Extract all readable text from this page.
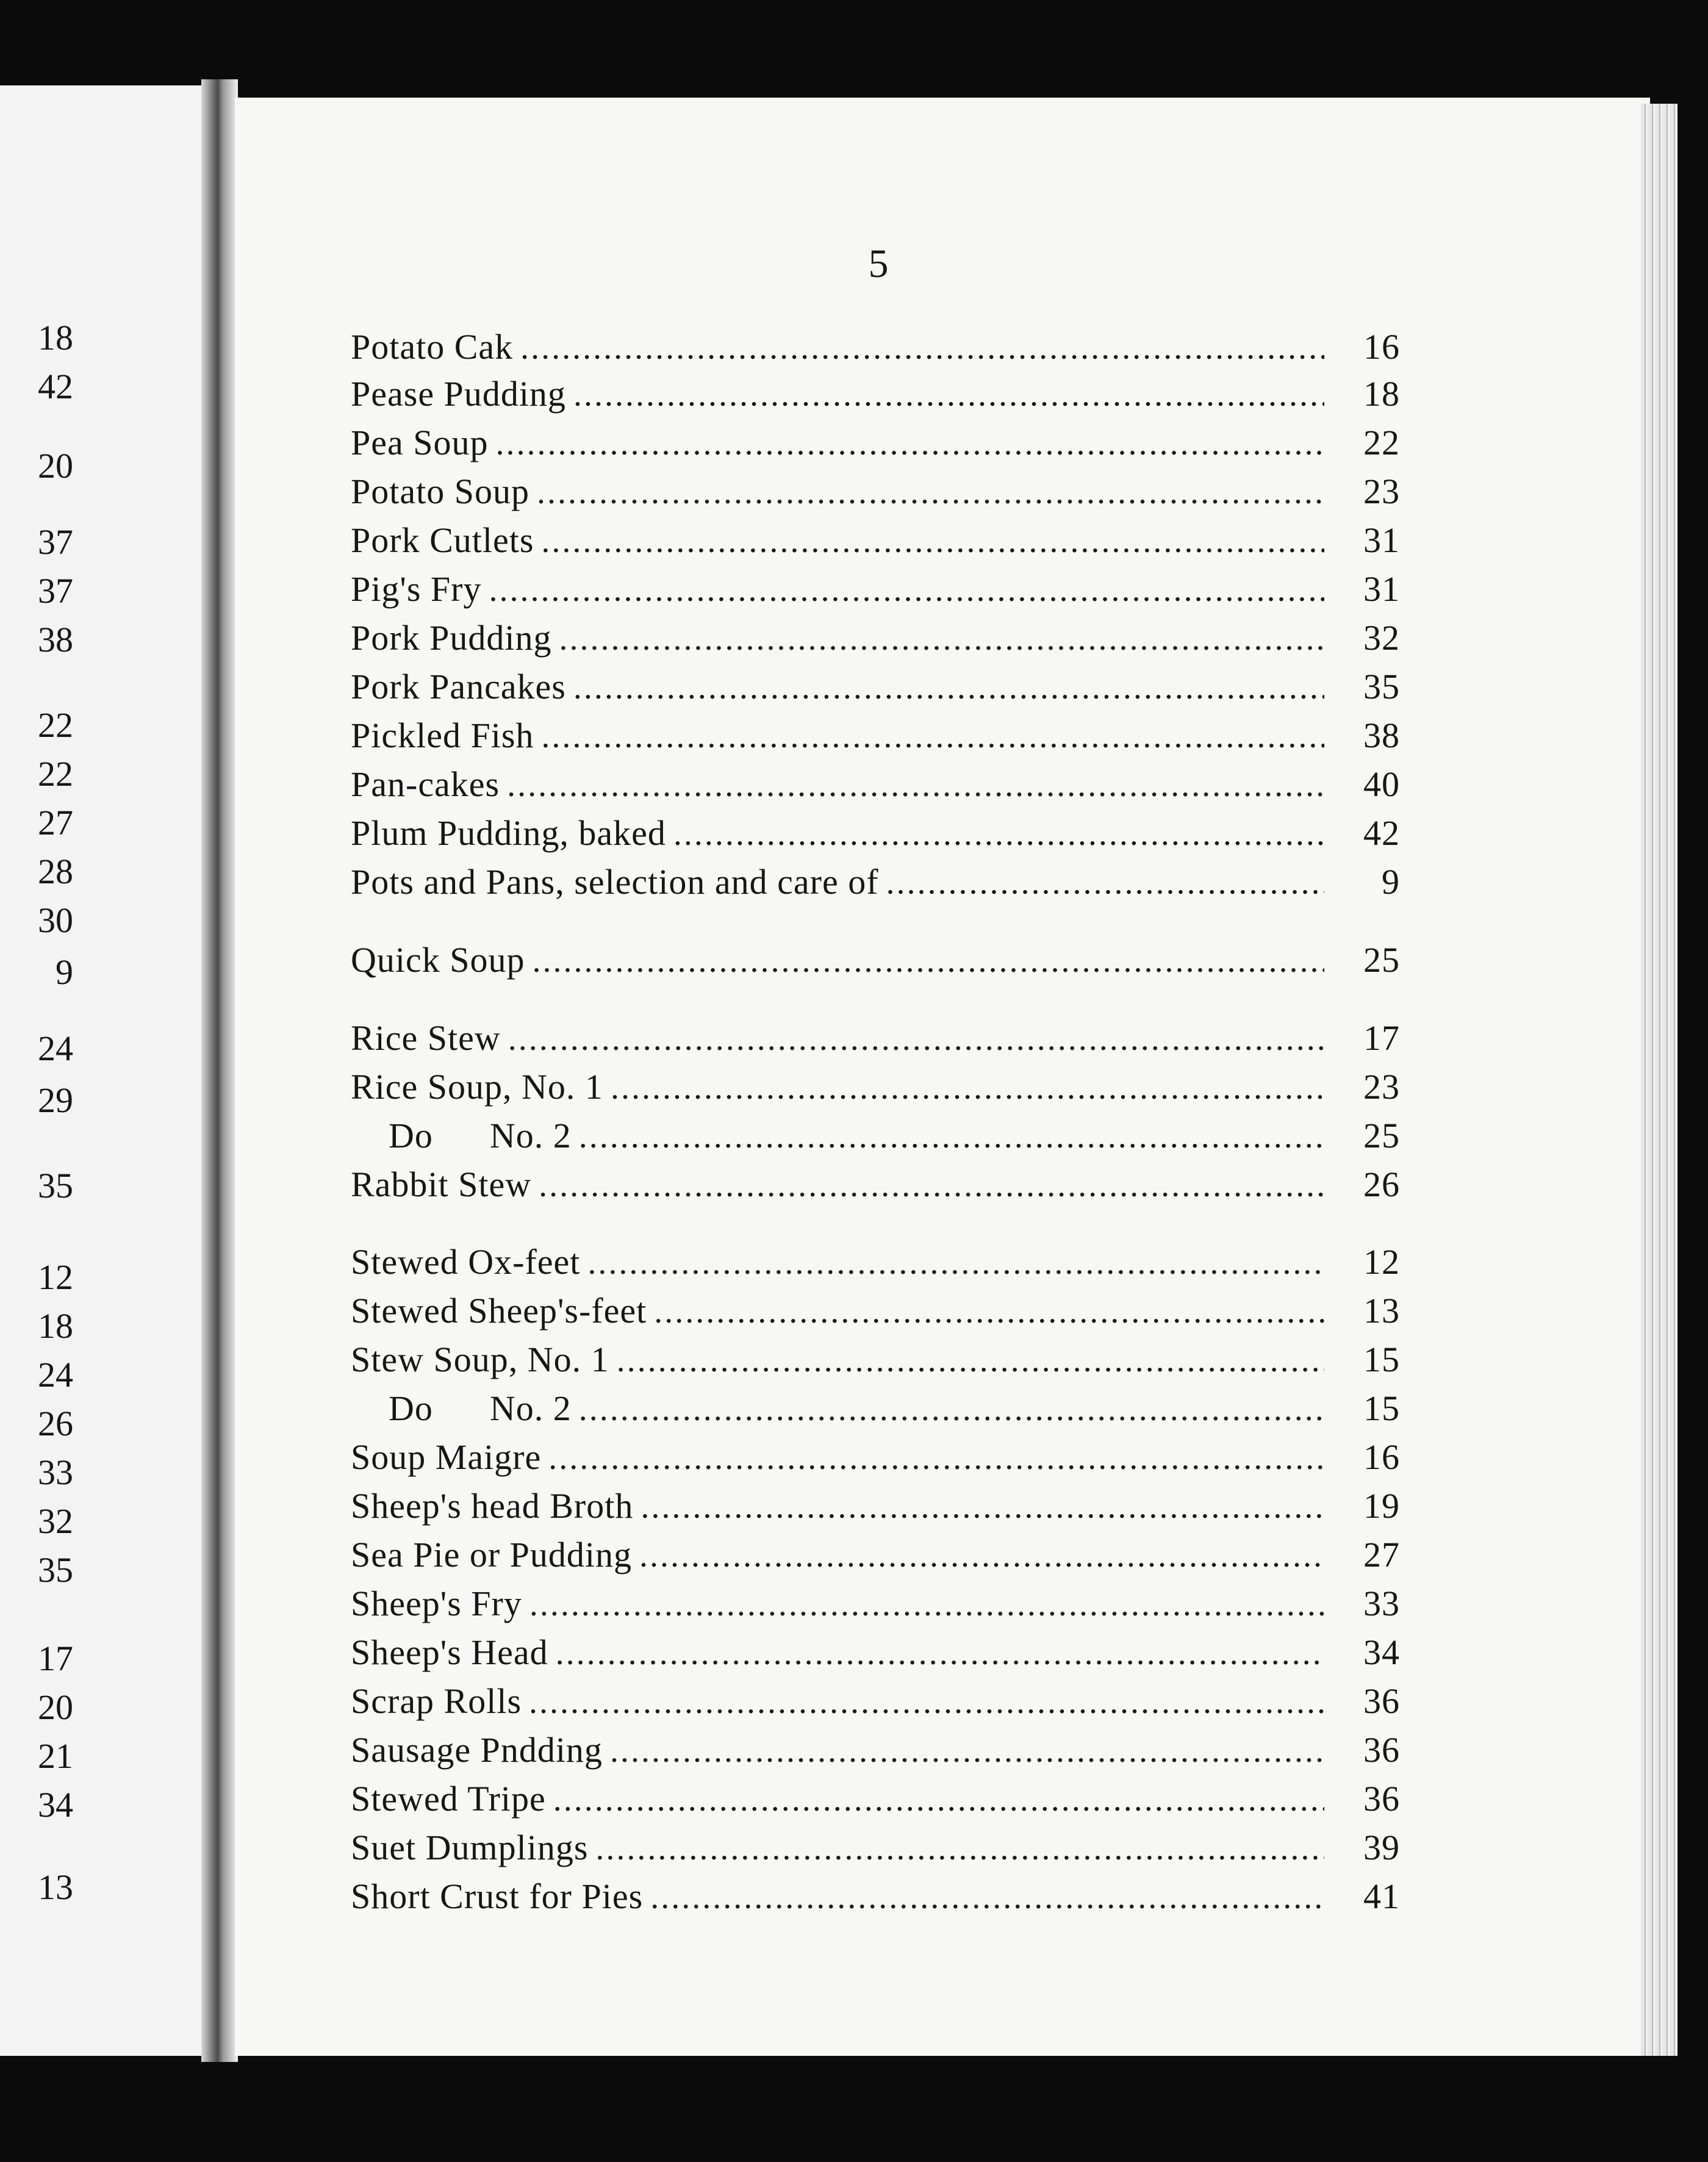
18
42
20
37
37
38
22
22
27
28
30
9
24
29
35
12
18
24
26
33
32
35
17
20
21
34
13
5
Potato Cak .....	16
Pease Pudding .....	18
Pea Soup .....	22
Potato Soup .....	23
Pork Cutlets .....	31
Pig's Fry .....	31
Pork Pudding .....	32
Pork Pancakes .....	35
Pickled Fish .....	38
Pan-cakes .....	40
Plum Pudding, baked .....	42
Pots and Pans, selection and care of .....	9
Quick Soup .....	25
Rice Stew .....	17
Rice Soup, No. 1 .....	23
Do      No. 2 .....	25
Rabbit Stew .....	26
Stewed Ox-feet .....	12
Stewed Sheep's-feet .....	13
Stew Soup, No. 1 .....	15
Do      No. 2 .....	15
Soup Maigre .....	16
Sheep's head Broth .....	19
Sea Pie or Pudding .....	27
Sheep's Fry .....	33
Sheep's Head .....	34
Scrap Rolls .....	36
Sausage Pndding .....	36
Stewed Tripe .....	36
Suet Dumplings .....	39
Short Crust for Pies .....	41
